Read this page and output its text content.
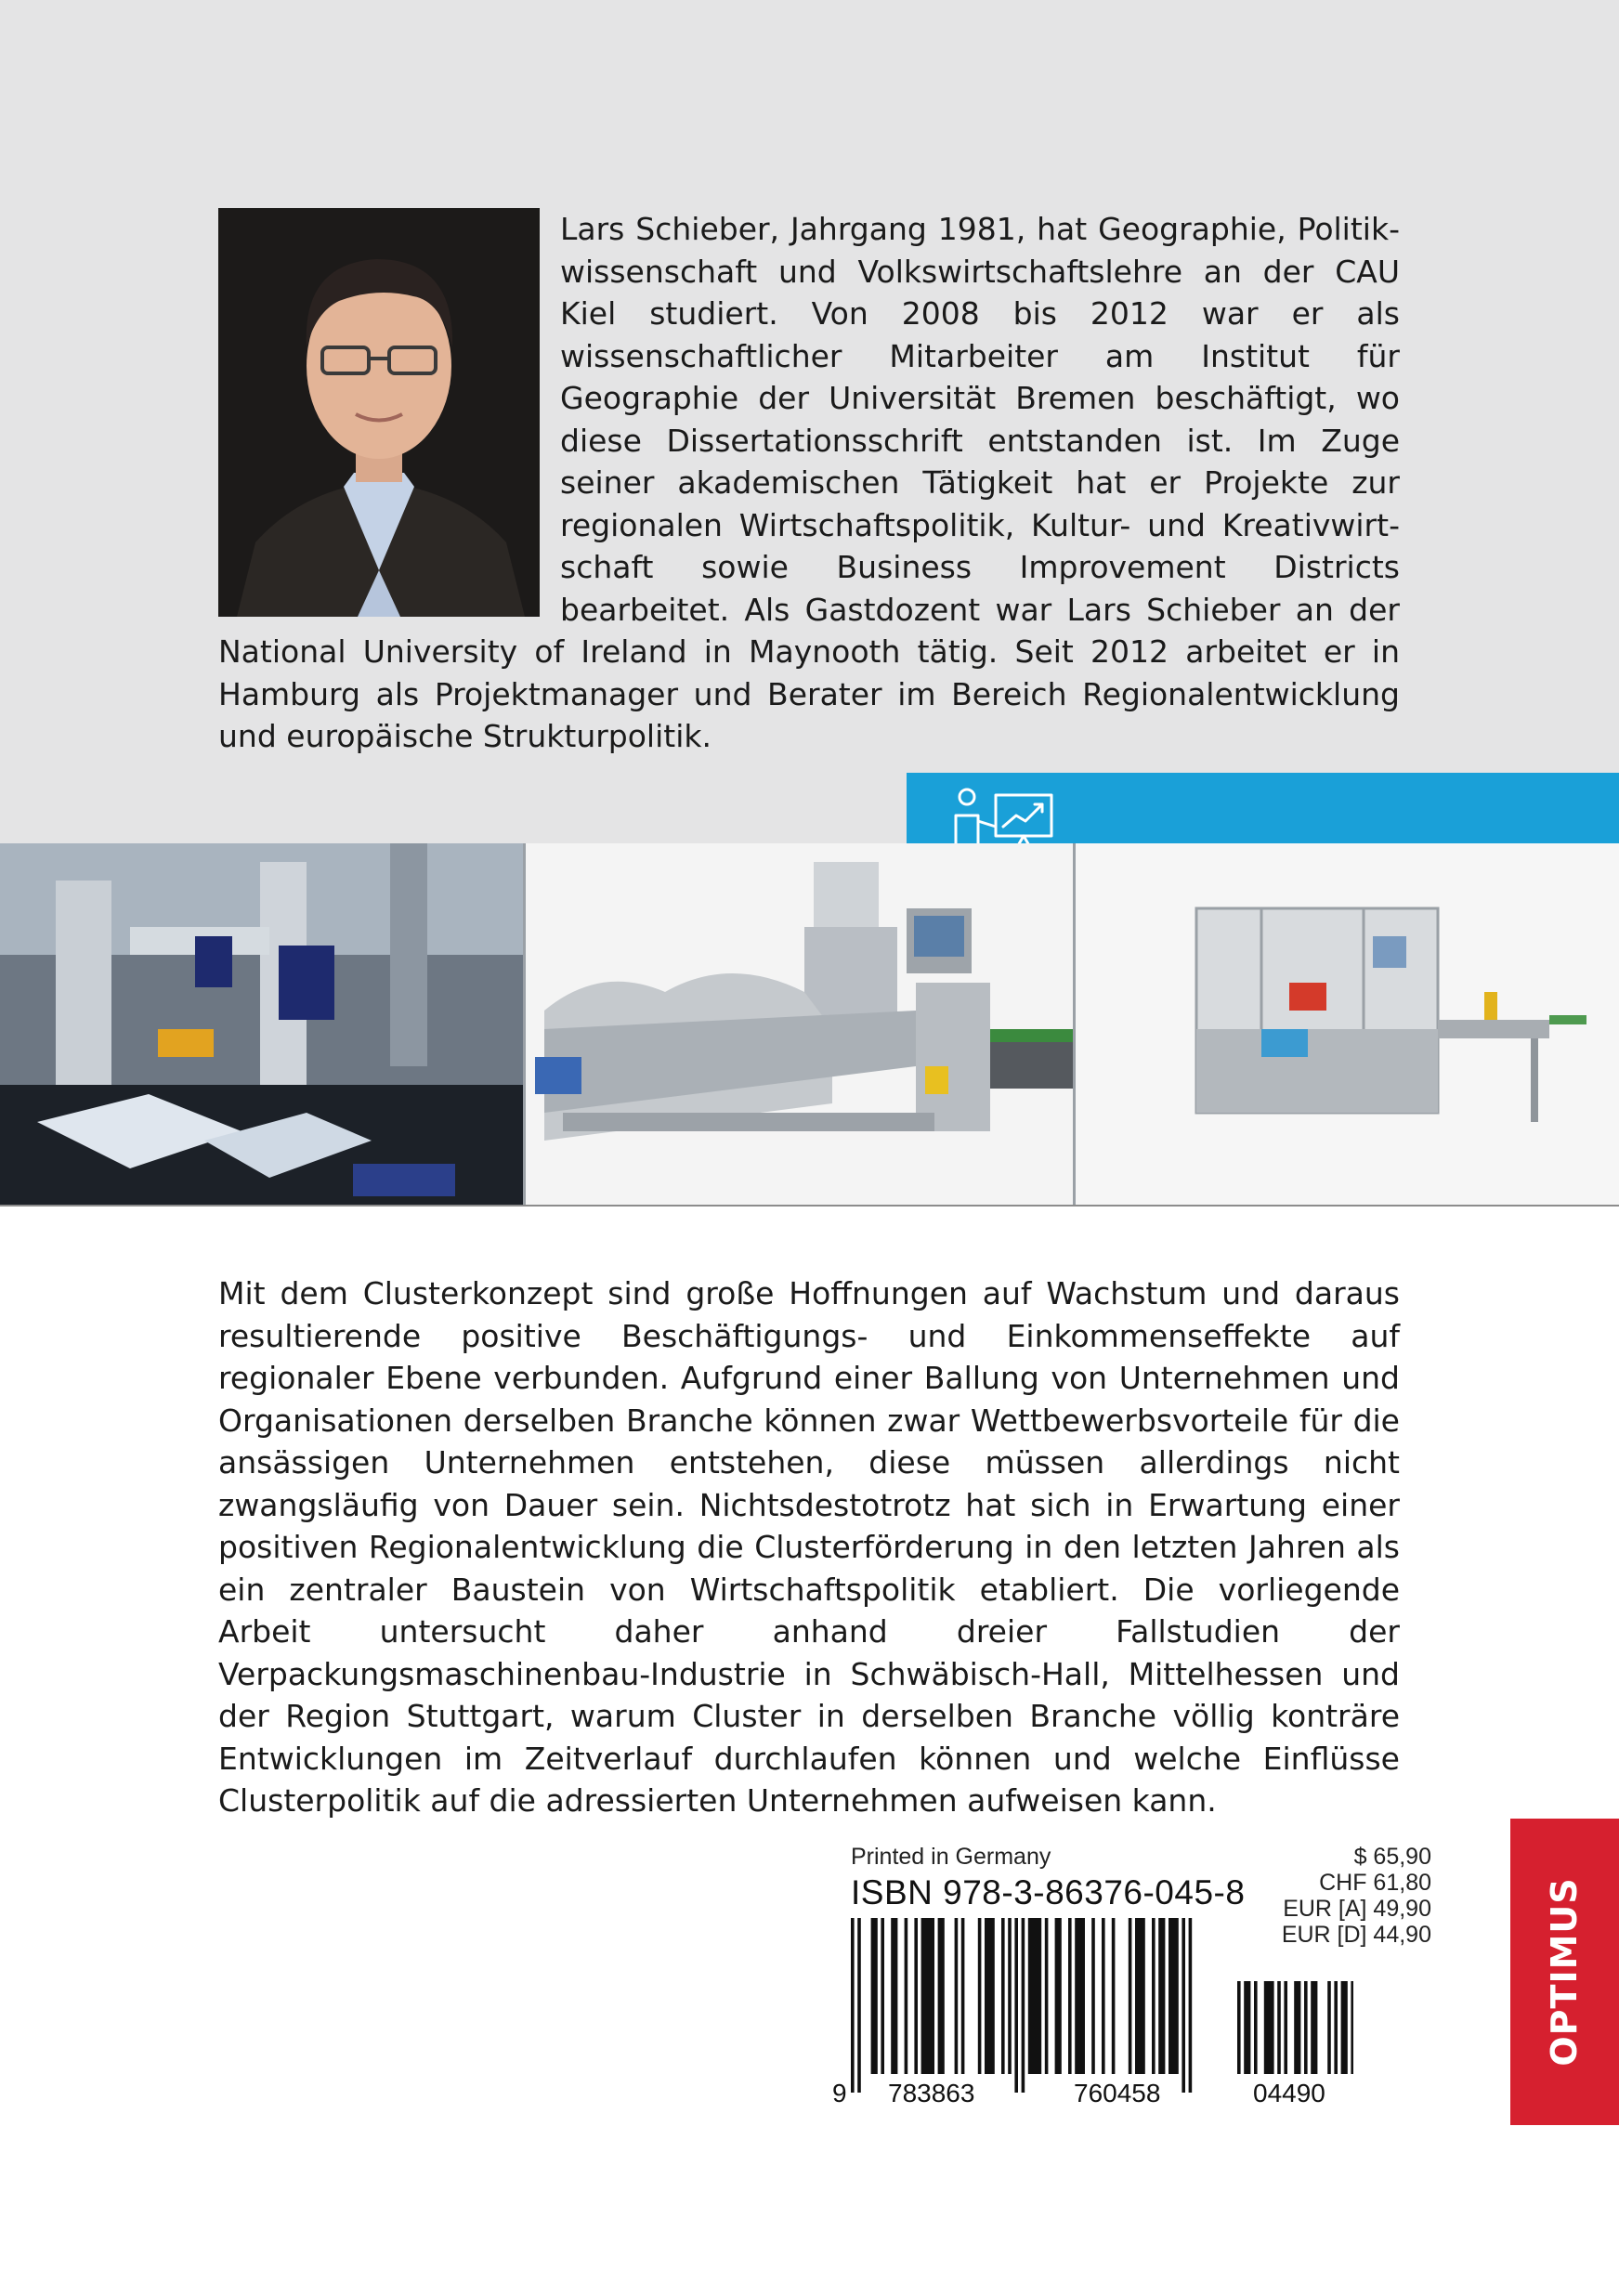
Lars Schieber, Jahrgang 1981, hat Geographie, Politikwissenschaft und Volkswirtschaftslehre an der CAU Kiel studiert. Von 2008 bis 2012 war er als wissenschaftlicher Mitarbeiter am Institut für Geographie der Universität Bremen beschäftigt, wo diese Dissertationsschrift entstanden ist. Im Zuge seiner akademischen Tätigkeit hat er Projekte zur regionalen Wirtschaftspolitik, Kultur- und Kreativwirtschaft sowie Business Improvement Districts bearbeitet. Als Gastdozent war Lars Schieber an der National University of Ireland in Maynooth tätig. Seit 2012 arbeitet er in Hamburg als Projektmanager und Berater im Bereich Regionalentwicklung und europäische Strukturpolitik.
Mit dem Clusterkonzept sind große Hoffnungen auf Wachstum und daraus resultierende positive Beschäftigungs- und Einkommenseffekte auf regionaler Ebene verbunden. Aufgrund einer Ballung von Unternehmen und Organisationen derselben Branche können zwar Wettbewerbsvorteile für die ansässigen Unternehmen entstehen, diese müssen allerdings nicht zwangsläufig von Dauer sein. Nichtsdestotrotz hat sich in Erwartung einer positiven Regionalentwicklung die Clusterförderung in den letzten Jahren als ein zentraler Baustein von Wirtschaftspolitik etabliert. Die vorliegende Arbeit untersucht daher anhand dreier Fallstudien der Verpackungsmaschinenbau-Industrie in Schwäbisch-Hall, Mittelhessen und der Region Stuttgart, warum Cluster in derselben Branche völlig konträre Entwicklungen im Zeitverlauf durchlaufen können und welche Einflüsse Clusterpolitik auf die adressierten Unternehmen aufweisen kann.
Printed in Germany
ISBN 978-3-86376-045-8
$ 65,90
CHF 61,80
EUR [A] 49,90
EUR [D] 44,90
9 783863	760458	04490
OPTIMUS
